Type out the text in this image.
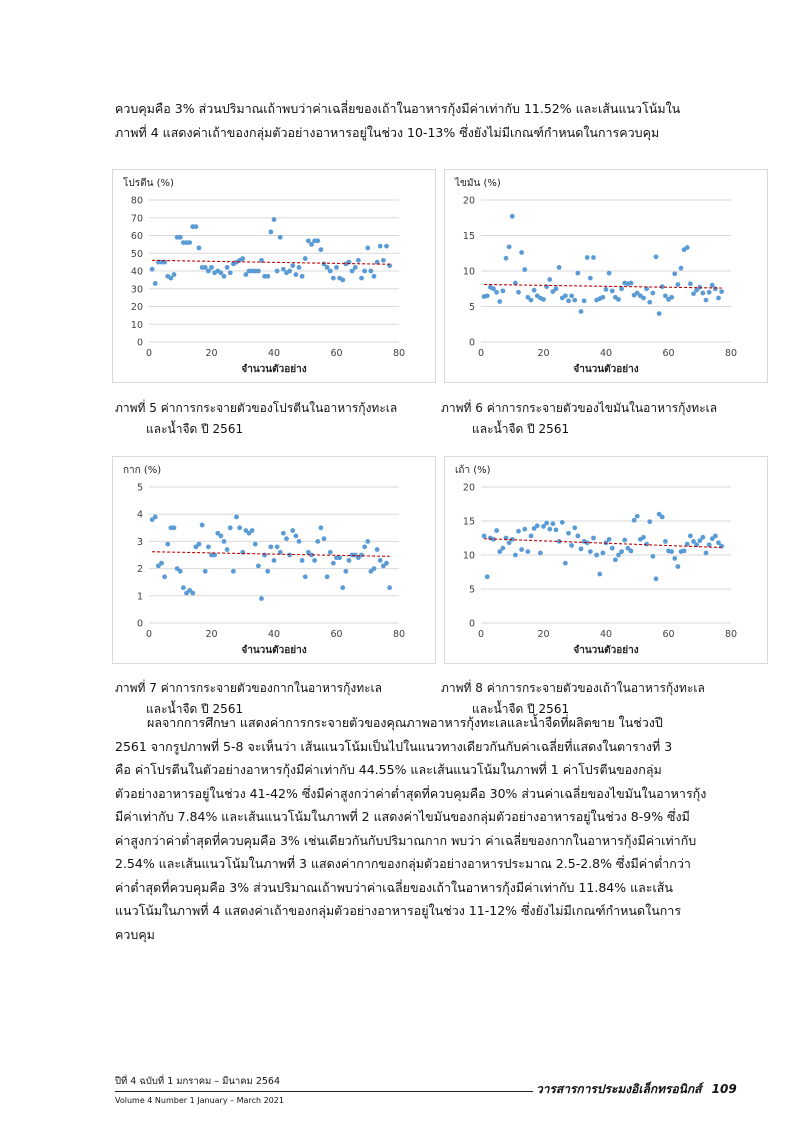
ควบคุมคือ 3% ส่วนปริมาณเถ้าพบว่าค่าเฉลี่ยของเถ้าในอาหารกุ้งมีค่าเท่ากับ 11.52% และเส้นแนวโน้มใน
ภาพที่ 4 แสดงค่าเถ้าของกลุ่มตัวอย่างอาหารอยู่ในช่วง 10-13% ซึ่งยังไม่มีเกณฑ์กำหนดในการควบคุม

โปรตีน (%)
0
10
20
30
40
50
60
70
80
0	20	40	60	80
จำนวนตัวอย่าง
ไขมัน (%)
0
5
10
15
20
0	20	40	60	80
จำนวนตัวอย่าง
กาก (%)
0
1
2
3
4
5
0	20	40	60	80
จำนวนตัวอย่าง
เถ้า (%)
0
5
10
15
20
0	20	40	60	80
จำนวนตัวอย่าง

ภาพที่ 5 ค่าการกระจายตัวของโปรตีนในอาหารกุ้งทะเล
และน้ำจืด ปี 2561

ภาพที่ 6 ค่าการกระจายตัวของไขมันในอาหารกุ้งทะเล
และน้ำจืด ปี 2561

ภาพที่ 7 ค่าการกระจายตัวของกากในอาหารกุ้งทะเล
และน้ำจืด ปี 2561

ภาพที่ 8 ค่าการกระจายตัวของเถ้าในอาหารกุ้งทะเล
และน้ำจืด ปี 2561

ผลจากการศึกษา แสดงค่าการกระจายตัวของคุณภาพอาหารกุ้งทะเลและน้ำจืดที่ผลิตขาย ในช่วงปี
2561 จากรูปภาพที่ 5-8 จะเห็นว่า เส้นแนวโน้มเป็นไปในแนวทางเดียวกันกับค่าเฉลี่ยที่แสดงในตารางที่ 3
คือ ค่าโปรตีนในตัวอย่างอาหารกุ้งมีค่าเท่ากับ 44.55% และเส้นแนวโน้มในภาพที่ 1 ค่าโปรตีนของกลุ่ม
ตัวอย่างอาหารอยู่ในช่วง 41-42% ซึ่งมีค่าสูงกว่าค่าต่ำสุดที่ควบคุมคือ 30% ส่วนค่าเฉลี่ยของไขมันในอาหารกุ้ง
มีค่าเท่ากับ 7.84% และเส้นแนวโน้มในภาพที่ 2 แสดงค่าไขมันของกลุ่มตัวอย่างอาหารอยู่ในช่วง 8-9% ซึ่งมี
ค่าสูงกว่าค่าต่ำสุดที่ควบคุมคือ 3% เช่นเดียวกันกับปริมาณกาก พบว่า ค่าเฉลี่ยของกากในอาหารกุ้งมีค่าเท่ากับ
2.54% และเส้นแนวโน้มในภาพที่ 3 แสดงค่ากากของกลุ่มตัวอย่างอาหารประมาณ 2.5-2.8% ซึ่งมีค่าต่ำกว่า
ค่าต่ำสุดที่ควบคุมคือ 3% ส่วนปริมาณเถ้าพบว่าค่าเฉลี่ยของเถ้าในอาหารกุ้งมีค่าเท่ากับ 11.84% และเส้น
แนวโน้มในภาพที่ 4 แสดงค่าเถ้าของกลุ่มตัวอย่างอาหารอยู่ในช่วง 11-12% ซึ่งยังไม่มีเกณฑ์กำหนดในการ
ควบคุม

ปีที่ 4 ฉบับที่ 1 มกราคม – มีนาคม 2564
Volume 4 Number 1 January – March 2021
วารสารการประมงอิเล็กทรอนิกส์ 109
